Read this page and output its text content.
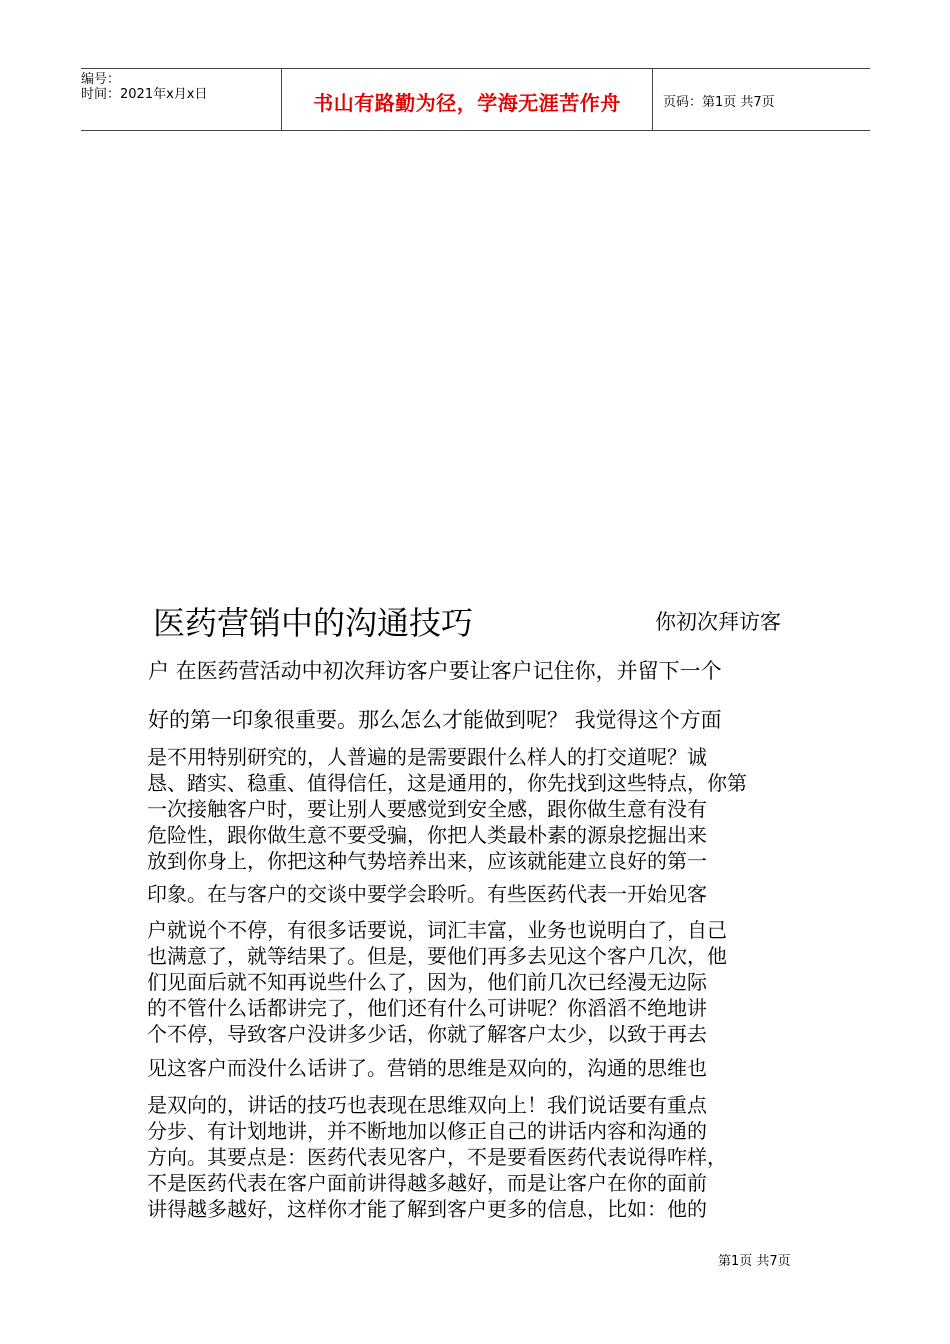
编号：
时间：2021年x月x日	书山有路勤为径，学海无涯苦作舟	页码：第1页 共7页
医药营销中的沟通技巧	你初次拜访客
户 在医药营活动中初次拜访客户要让客户记住你，并留下一个
好的第一印象很重要。那么怎么才能做到呢？ 我觉得这个方面
是不用特别研究的，人普遍的是需要跟什么样人的打交道呢？诚
恳、踏实、稳重、值得信任，这是通用的，你先找到这些特点，你第
一次接触客户时，要让别人要感觉到安全感，跟你做生意有没有
危险性，跟你做生意不要受骗，你把人类最朴素的源泉挖掘出来
放到你身上，你把这种气势培养出来，应该就能建立良好的第一
印象。在与客户的交谈中要学会聆听。有些医药代表一开始见客
户就说个不停，有很多话要说，词汇丰富，业务也说明白了，自己
也满意了，就等结果了。但是，要他们再多去见这个客户几次，他
们见面后就不知再说些什么了，因为，他们前几次已经漫无边际
的不管什么话都讲完了，他们还有什么可讲呢？你滔滔不绝地讲
个不停，导致客户没讲多少话，你就了解客户太少，以致于再去
见这客户而没什么话讲了。营销的思维是双向的，沟通的思维也
是双向的，讲话的技巧也表现在思维双向上！我们说话要有重点
分步、有计划地讲，并不断地加以修正自己的讲话内容和沟通的
方向。其要点是：医药代表见客户，不是要看医药代表说得咋样，
不是医药代表在客户面前讲得越多越好，而是让客户在你的面前
讲得越多越好，这样你才能了解到客户更多的信息，比如：他的
第1页 共7页
